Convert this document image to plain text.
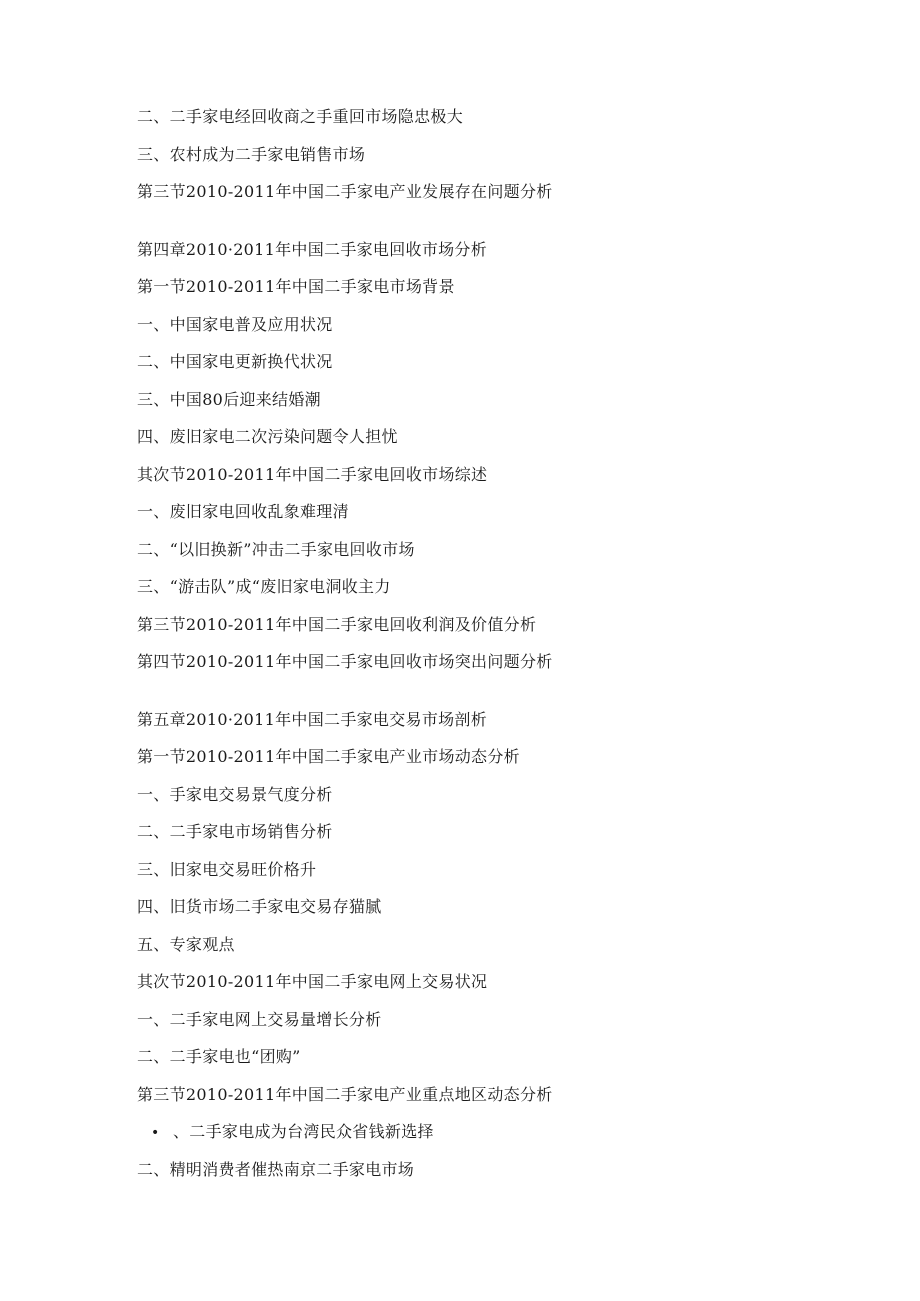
二、二手家电经回收商之手重回市场隐忠极大
三、农村成为二手家电销售市场
第三节2010-2011年中国二手家电产业发展存在问题分析
第四章2010·2011年中国二手家电回收市场分析
第一节2010-2011年中国二手家电市场背景
一、中国家电普及应用状况
二、中国家电更新换代状况
三、中国80后迎来结婚潮
四、废旧家电二次污染问题令人担忧
其次节2010-2011年中国二手家电回收市场综述
一、废旧家电回收乱象难理清
二、“以旧换新”冲击二手家电回收市场
三、“游击队”成“废旧家电洞收主力
第三节2010-2011年中国二手家电回收利润及价值分析
第四节2010-2011年中国二手家电回收市场突出问题分析
第五章2010·2011年中国二手家电交易市场剖析
第一节2010-2011年中国二手家电产业市场动态分析
一、手家电交易景气度分析
二、二手家电市场销售分析
三、旧家电交易旺价格升
四、旧货市场二手家电交易存猫腻
五、专家观点
其次节2010-2011年中国二手家电网上交易状况
一、二手家电网上交易量增长分析
二、二手家电也“团购”
第三节2010-2011年中国二手家电产业重点地区动态分析
• 、二手家电成为台湾民众省钱新选择
二、精明消费者催热南京二手家电市场
